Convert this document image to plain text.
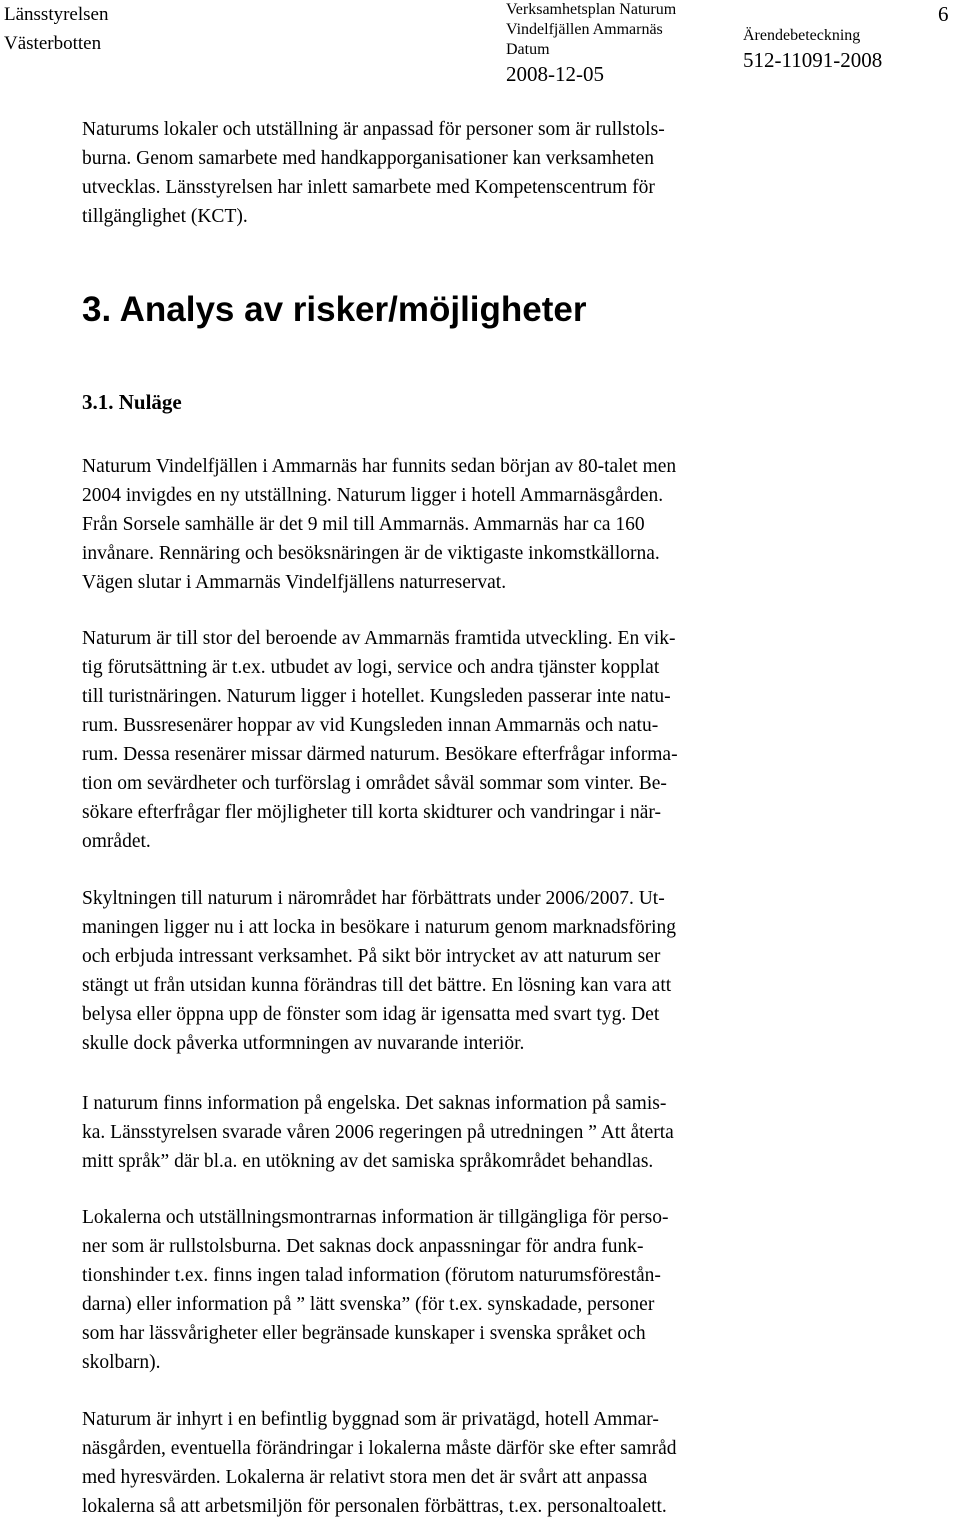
Länsstyrelsen
Västerbotten
Verksamhetsplan Naturum
Vindelfjällen Ammarnäs
Datum
2008-12-05
Ärendebeteckning
512-11091-2008
6
Naturums lokaler och utställning är anpassad för personer som är rullstols-
burna. Genom samarbete med handkapporganisationer kan verksamheten
utvecklas. Länsstyrelsen har inlett samarbete med Kompetenscentrum för
tillgänglighet (KCT).
3. Analys av risker/möjligheter
3.1. Nuläge
Naturum Vindelfjällen i Ammarnäs har funnits sedan början av 80-talet men
2004 invigdes en ny utställning. Naturum ligger i hotell Ammarnäsgården.
Från Sorsele samhälle är det 9 mil till Ammarnäs. Ammarnäs har ca 160
invånare. Rennäring och besöksnäringen är de viktigaste inkomstkällorna.
Vägen slutar i Ammarnäs Vindelfjällens naturreservat.
Naturum är till stor del beroende av Ammarnäs framtida utveckling. En vik-
tig förutsättning är t.ex. utbudet av logi, service och andra tjänster kopplat
till turistnäringen. Naturum ligger i hotellet. Kungsleden passerar inte natu-
rum. Bussresenärer hoppar av vid Kungsleden innan Ammarnäs och natu-
rum. Dessa resenärer missar därmed naturum. Besökare efterfrågar informa-
tion om sevärdheter och turförslag i området såväl sommar som vinter. Be-
sökare efterfrågar fler möjligheter till korta skidturer och vandringar i när-
området.
Skyltningen till naturum i närområdet har förbättrats under 2006/2007. Ut-
maningen ligger nu i att locka in besökare i naturum genom marknadsföring
och erbjuda intressant verksamhet. På sikt bör intrycket av att naturum ser
stängt ut från utsidan kunna förändras till det bättre. En lösning kan vara att
belysa eller öppna upp de fönster som idag är igensatta med svart tyg. Det
skulle dock påverka utformningen av nuvarande interiör.
I naturum finns information på engelska. Det saknas information på samis-
ka. Länsstyrelsen svarade våren 2006 regeringen på utredningen ” Att återta
mitt språk” där bl.a. en utökning av det samiska språkområdet behandlas.
Lokalerna och utställningsmontrarnas information är tillgängliga för perso-
ner som är rullstolsburna. Det saknas dock anpassningar för andra funk-
tionshinder t.ex. finns ingen talad information (förutom naturumsförestån-
darna) eller information på ” lätt svenska” (för t.ex. synskadade, personer
som har lässvårigheter eller begränsade kunskaper i svenska språket och
skolbarn).
Naturum är inhyrt i en befintlig byggnad som är privatägd, hotell Ammar-
näsgården, eventuella förändringar i lokalerna måste därför ske efter samråd
med hyresvärden. Lokalerna är relativt stora men det är svårt att anpassa
lokalerna så att arbetsmiljön för personalen förbättras, t.ex. personaltoalett.
